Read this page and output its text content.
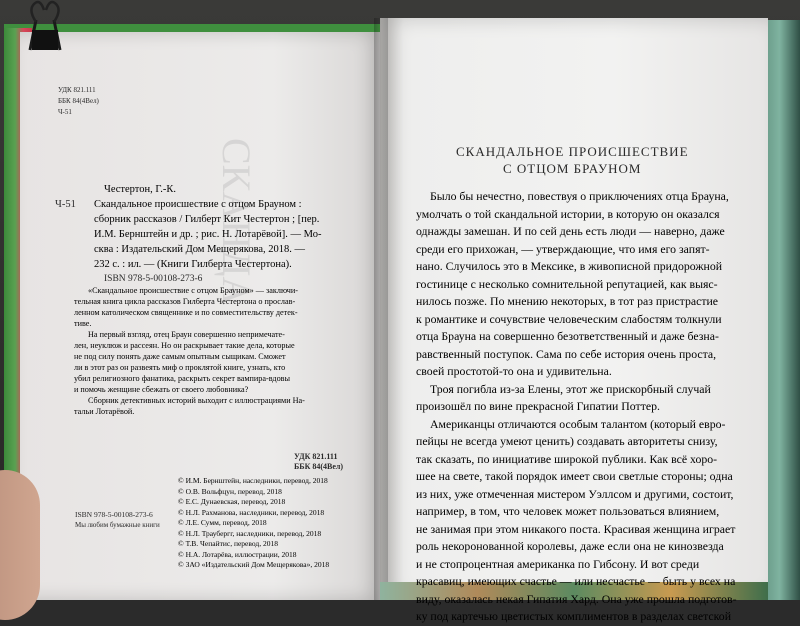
СКАНДА
УДК 821.111
ББК 84(4Вел)
Ч-51
Ч-51
Честертон, Г.-К.
Скандальное происшествие с отцом Брауном :
сборник рассказов / Гилберт Кит Честертон ; [пер.
И.М. Бернштейн и др. ; рис. Н. Лотарёвой]. — Мо-
сква : Издательский Дом Мещерякова, 2018. —
232 с. : ил. — (Книги Гилберта Честертона).
ISBN 978-5-00108-273-6
«Скандальное происшествие с отцом Брауном» — заключи-
тельная книга цикла рассказов Гилберта Честертона о прослав-
ленном католическом священнике и по совместительству детек-
тиве.
На первый взгляд, отец Браун совершенно непримечате-
лен, неуклюж и рассеян. Но он раскрывает такие дела, которые
не под силу понять даже самым опытным сыщикам. Сможет
ли в этот раз он развеять миф о проклятой книге, узнать, кто
убил религиозного фанатика, раскрыть секрет вампира-вдовы
и помочь женщине сбежать от своего любовника?
Сборник детективных историй выходит с иллюстрациями На-
тальи Лотарёвой.
УДК 821.111
ББК 84(4Вел)
© И.М. Бернштейн, наследники, перевод, 2018
© О.В. Вольфцун, перевод, 2018
© Е.С. Дунаевская, перевод, 2018
© Н.Л. Рахманова, наследники, перевод, 2018
© Л.Е. Сумм, перевод, 2018
© Н.Л. Траубергг, наследники, перевод, 2018
© Т.В. Чепайтис, перевод, 2018
© Н.А. Лотарёва, иллюстрации, 2018
© ЗАО «Издательский Дом Мещерякова», 2018
ISBN 978-5-00108-273-6
Мы любим бумажные книги
СКАНДАЛЬНОЕ ПРОИСШЕСТВИЕ
С ОТЦОМ БРАУНОМ
Было бы нечестно, повествуя о приключениях отца Брауна,
умолчать о той скандальной истории, в которую он оказался
однажды замешан. И по сей день есть люди — наверно, даже
среди его прихожан, — утверждающие, что имя его запят-
нано. Случилось это в Мексике, в живописной придорожной
гостинице с несколько сомнительной репутацией, как выяс-
нилось позже. По мнению некоторых, в тот раз пристрастие
к романтике и сочувствие человеческим слабостям толкнули
отца Брауна на совершенно безответственный и даже безна-
равственный поступок. Сама по себе история очень проста,
своей простотой-то она и удивительна.
Троя погибла из-за Елены, этот же прискорбный случай
произошёл по вине прекрасной Гипатии Поттер.
Американцы отличаются особым талантом (который евро-
пейцы не всегда умеют ценить) создавать авторитеты снизу,
так сказать, по инициативе широкой публики. Как всё хоро-
шее на свете, такой порядок имеет свои светлые стороны; одна
из них, уже отмеченная мистером Уэллсом и другими, состоит,
например, в том, что человек может пользоваться влиянием,
не занимая при этом никакого поста. Красивая женщина играет
роль некоронованной королевы, даже если она не кинозвезда
и не стопроцентная американка по Гибсону. И вот среди
красавиц, имеющих счастье — или несчастье — быть у всех на
виду, оказалась некая Гипатия Хард. Она уже прошла подготов-
ку под картечью цветистых комплиментов в разделах светской
